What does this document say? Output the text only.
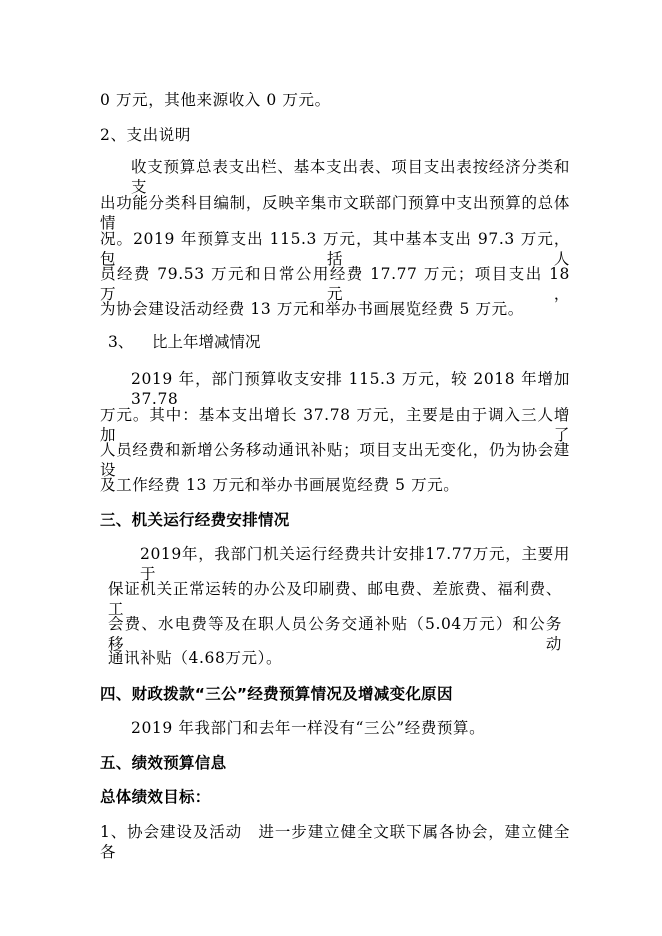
0 万元，其他来源收入 0 万元。
2、支出说明
收支预算总表支出栏、基本支出表、项目支出表按经济分类和支
出功能分类科目编制，反映辛集市文联部门预算中支出预算的总体情
况。2019 年预算支出 115.3 万元，其中基本支出 97.3 万元，包括人
员经费 79.53 万元和日常公用经费 17.77 万元；项目支出 18 万元，
为协会建设活动经费 13 万元和举办书画展览经费 5 万元。
3、 比上年增减情况
2019 年，部门预算收支安排 115.3 万元，较 2018 年增加 37.78
万元。其中：基本支出增长 37.78 万元，主要是由于调入三人增加了
人员经费和新增公务移动通讯补贴；项目支出无变化，仍为协会建设
及工作经费 13 万元和举办书画展览经费 5 万元。
三、机关运行经费安排情况
2019年，我部门机关运行经费共计安排17.77万元，主要用于
保证机关正常运转的办公及印刷费、邮电费、差旅费、福利费、工
会费、水电费等及在职人员公务交通补贴（5.04万元）和公务移动
通讯补贴（4.68万元）。
四、财政拨款“三公”经费预算情况及增减变化原因
2019 年我部门和去年一样没有“三公”经费预算。
五、绩效预算信息
总体绩效目标：
1、协会建设及活动　进一步建立健全文联下属各协会，建立健全各
